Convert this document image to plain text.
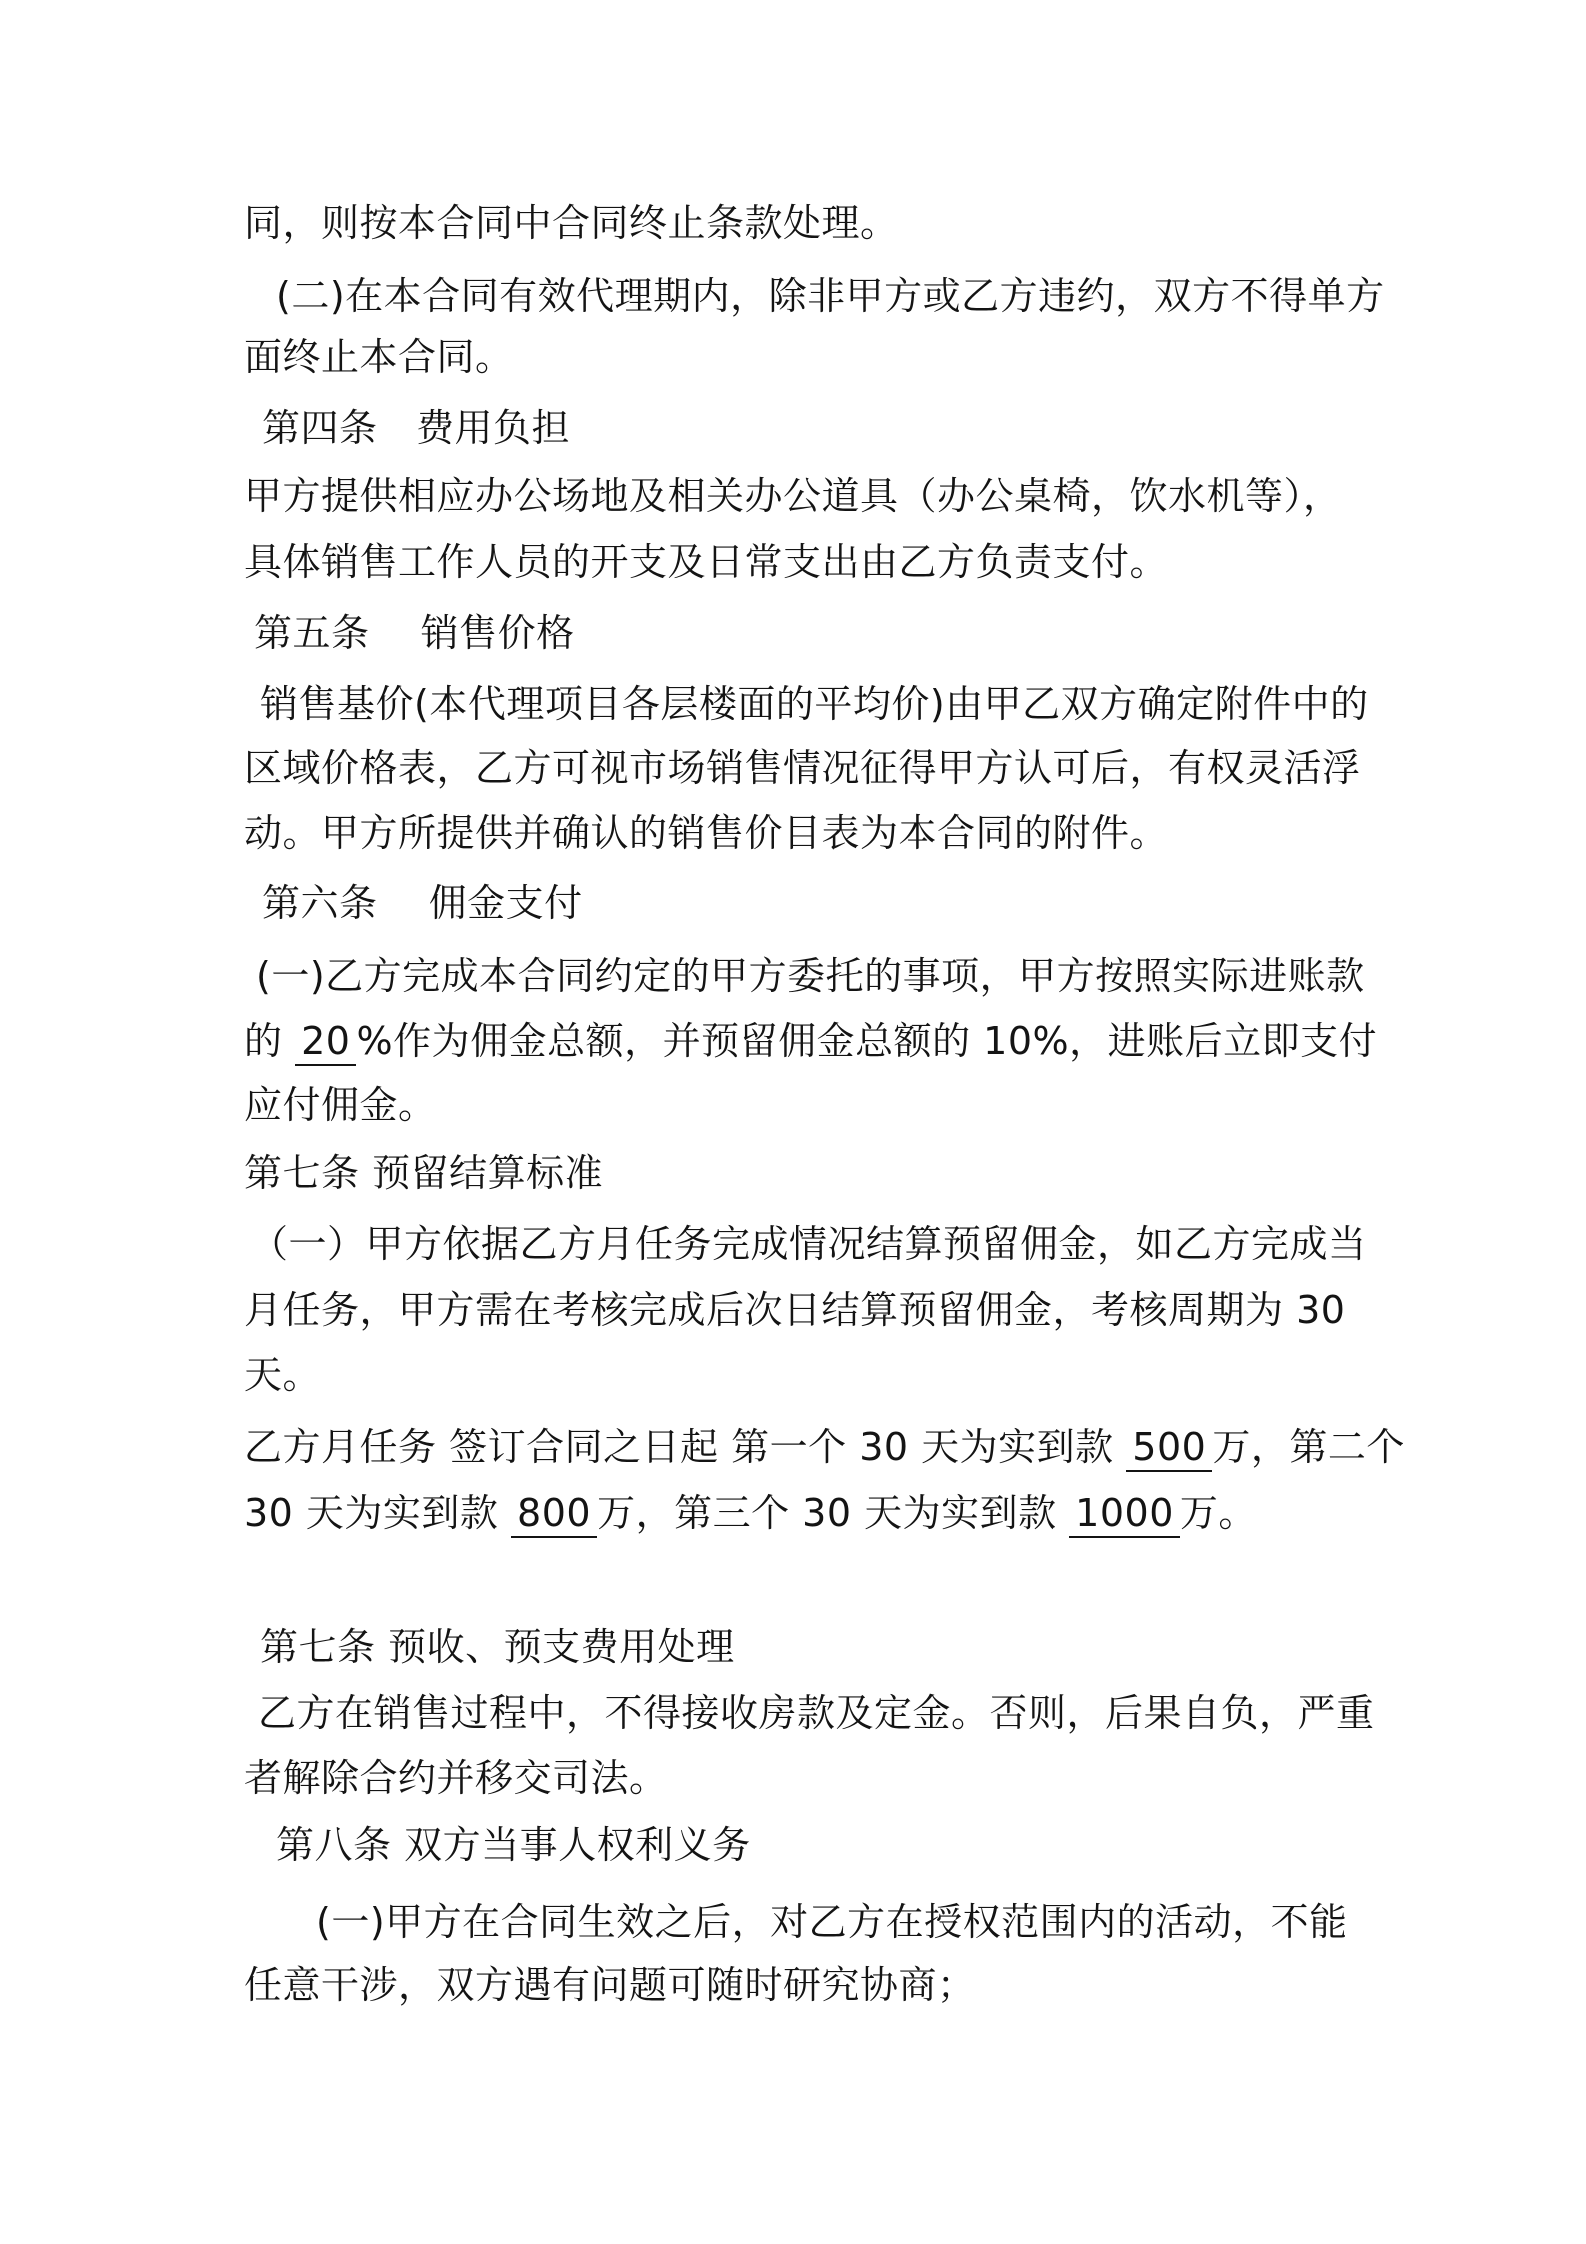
同，则按本合同中合同终止条款处理。
(二)在本合同有效代理期内，除非甲方或乙方违约，双方不得单方
面终止本合同。
第四条　费用负担
甲方提供相应办公场地及相关办公道具（办公桌椅，饮水机等），
具体销售工作人员的开支及日常支出由乙方负责支付。
第五条　 销售价格
销售基价(本代理项目各层楼面的平均价)由甲乙双方确定附件中的
区域价格表，乙方可视市场销售情况征得甲方认可后，有权灵活浮
动。甲方所提供并确认的销售价目表为本合同的附件。
第六条　 佣金支付
(一)乙方完成本合同约定的甲方委托的事项，甲方按照实际进账款
的 20 %作为佣金总额，并预留佣金总额的 10%，进账后立即支付
应付佣金。
第七条 预留结算标准
（一）甲方依据乙方月任务完成情况结算预留佣金，如乙方完成当
月任务，甲方需在考核完成后次日结算预留佣金，考核周期为 30
天。
乙方月任务 签订合同之日起 第一个 30 天为实到款 500 万，第二个
30 天为实到款 800 万，第三个 30 天为实到款 1000 万。
第七条 预收、预支费用处理
乙方在销售过程中，不得接收房款及定金。否则，后果自负，严重
者解除合约并移交司法。
第八条 双方当事人权利义务
(一)甲方在合同生效之后，对乙方在授权范围内的活动，不能
任意干涉，双方遇有问题可随时研究协商；
